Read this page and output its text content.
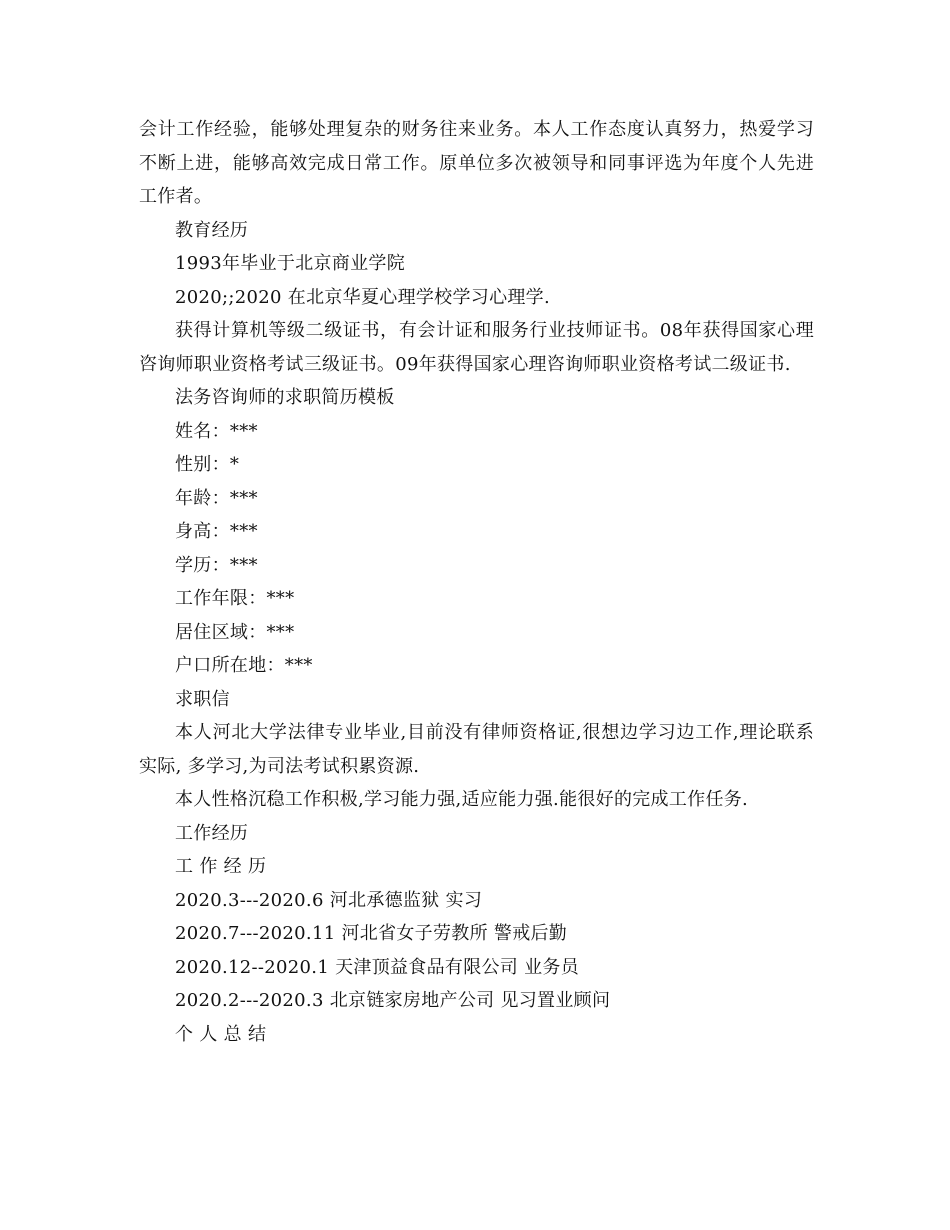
会计工作经验，能够处理复杂的财务往来业务。本人工作态度认真努力，热爱学习不断上进，能够高效完成日常工作。原单位多次被领导和同事评选为年度个人先进工作者。

教育经历

1993年毕业于北京商业学院

2020;;2020 在北京华夏心理学校学习心理学.

获得计算机等级二级证书，有会计证和服务行业技师证书。08年获得国家心理咨询师职业资格考试三级证书。09年获得国家心理咨询师职业资格考试二级证书.

法务咨询师的求职简历模板

姓名：***

性别：*

年龄：***

身高：***

学历：***

工作年限：***

居住区域：***

户口所在地：***

求职信

本人河北大学法律专业毕业,目前没有律师资格证,很想边学习边工作,理论联系实际, 多学习,为司法考试积累资源.

本人性格沉稳工作积极,学习能力强,适应能力强.能很好的完成工作任务.

工作经历

工 作 经 历

2020.3---2020.6 河北承德监狱 实习

2020.7---2020.11 河北省女子劳教所 警戒后勤

2020.12--2020.1 天津顶益食品有限公司 业务员

2020.2---2020.3 北京链家房地产公司 见习置业顾问

个 人 总 结
